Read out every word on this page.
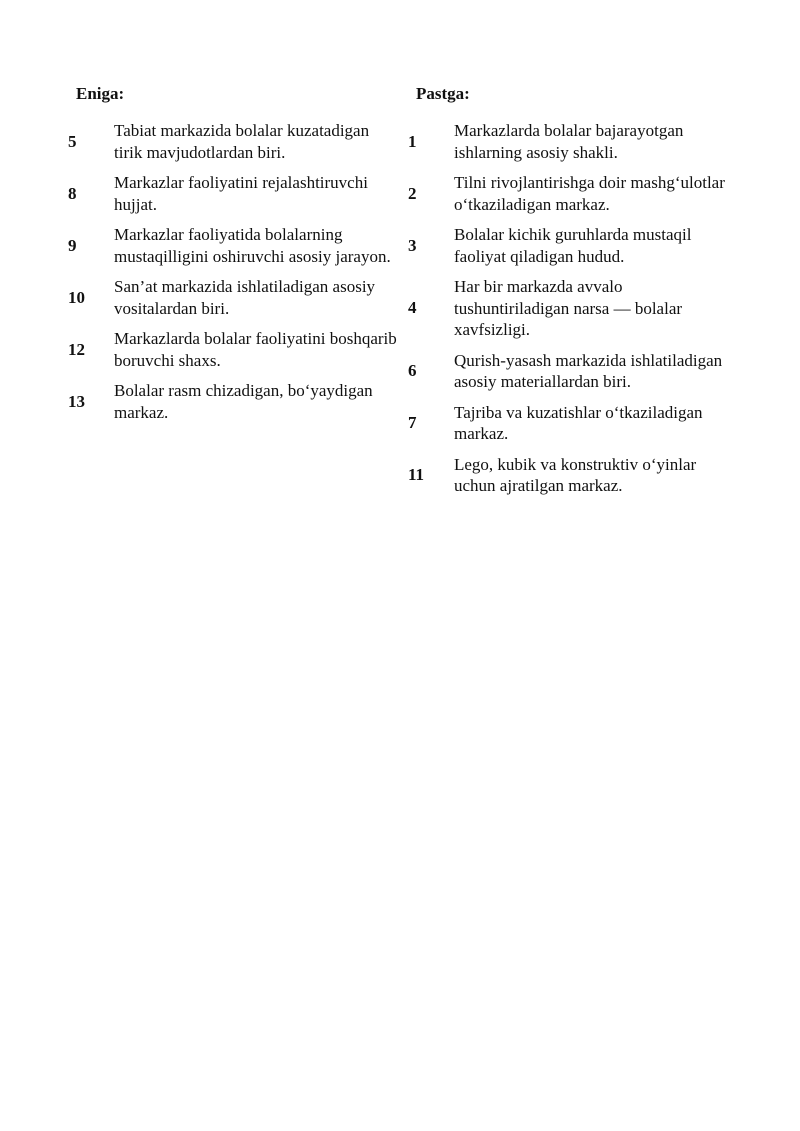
Eniga:
5
Tabiat markazida bolalar kuzatadigan tirik mavjudotlardan biri.
8
Markazlar faoliyatini rejalashtiruvchi hujjat.
9
Markazlar faoliyatida bolalarning mustaqilligini oshiruvchi asosiy jarayon.
10
San’at markazida ishlatiladigan asosiy vositalardan biri.
12
Markazlarda bolalar faoliyatini boshqarib boruvchi shaxs.
13
Bolalar rasm chizadigan, bo‘yaydigan markaz.
Pastga:
1
Markazlarda bolalar bajarayotgan ishlarning asosiy shakli.
2
Tilni rivojlantirishga doir mashg‘ulotlar o‘tkaziladigan markaz.
3
Bolalar kichik guruhlarda mustaqil faoliyat qiladigan hudud.
4
Har bir markazda avvalo tushuntiriladigan narsa — bolalar xavfsizligi.
6
Qurish-yasash markazida ishlatiladigan asosiy materiallardan biri.
7
Tajriba va kuzatishlar o‘tkaziladigan markaz.
11
Lego, kubik va konstruktiv o‘yinlar uchun ajratilgan markaz.
